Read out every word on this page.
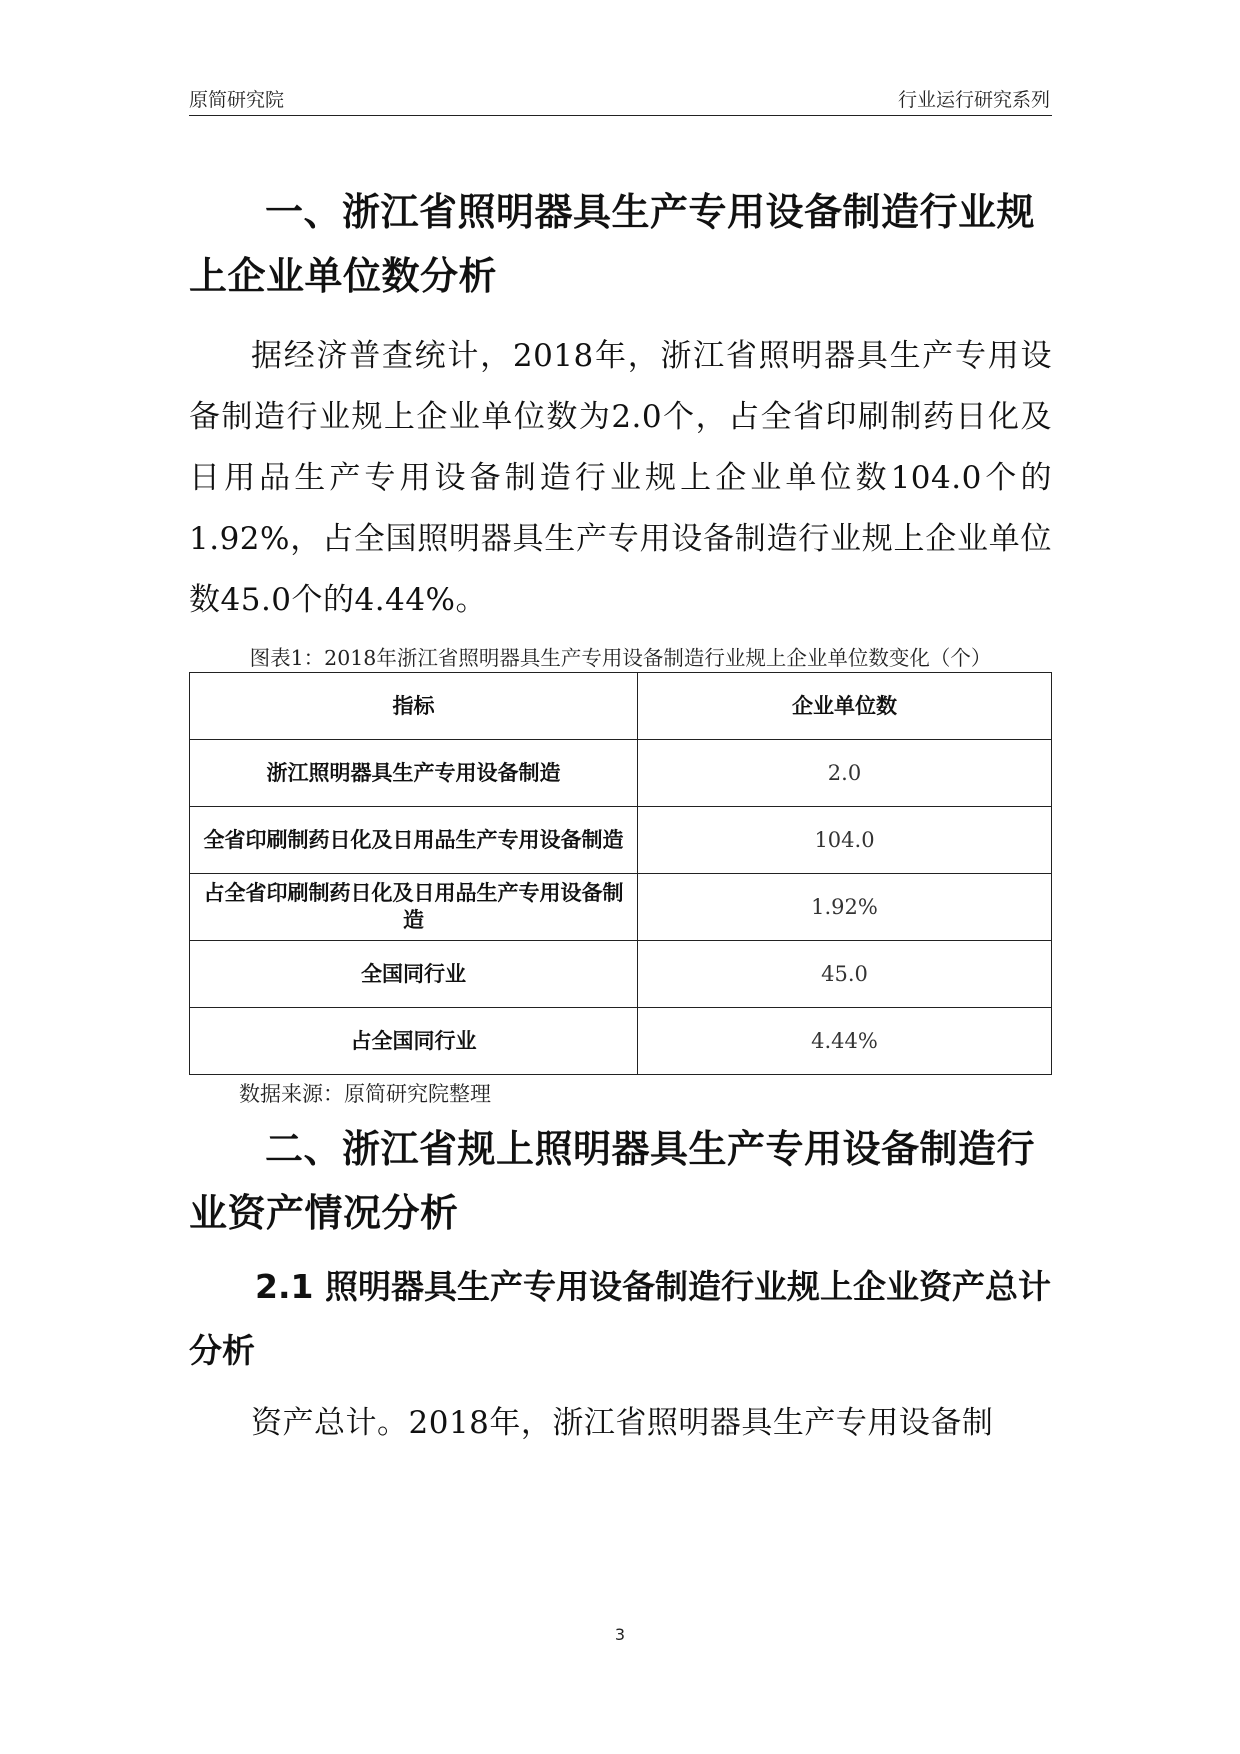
原简研究院	行业运行研究系列
一、浙江省照明器具生产专用设备制造行业规上企业单位数分析

据经济普查统计，2018年，浙江省照明器具生产专用设备制造行业规上企业单位数为2.0个，占全省印刷制药日化及日用品生产专用设备制造行业规上企业单位数104.0个的1.92%，占全国照明器具生产专用设备制造行业规上企业单位数45.0个的4.44%。

图表1：2018年浙江省照明器具生产专用设备制造行业规上企业单位数变化（个）
指标	企业单位数
浙江照明器具生产专用设备制造	2.0
全省印刷制药日化及日用品生产专用设备制造	104.0
占全省印刷制药日化及日用品生产专用设备制造	1.92%
全国同行业	45.0
占全国同行业	4.44%
数据来源：原简研究院整理
二、浙江省规上照明器具生产专用设备制造行业资产情况分析
2.1 照明器具生产专用设备制造行业规上企业资产总计分析

资产总计。2018年，浙江省照明器具生产专用设备制

3
